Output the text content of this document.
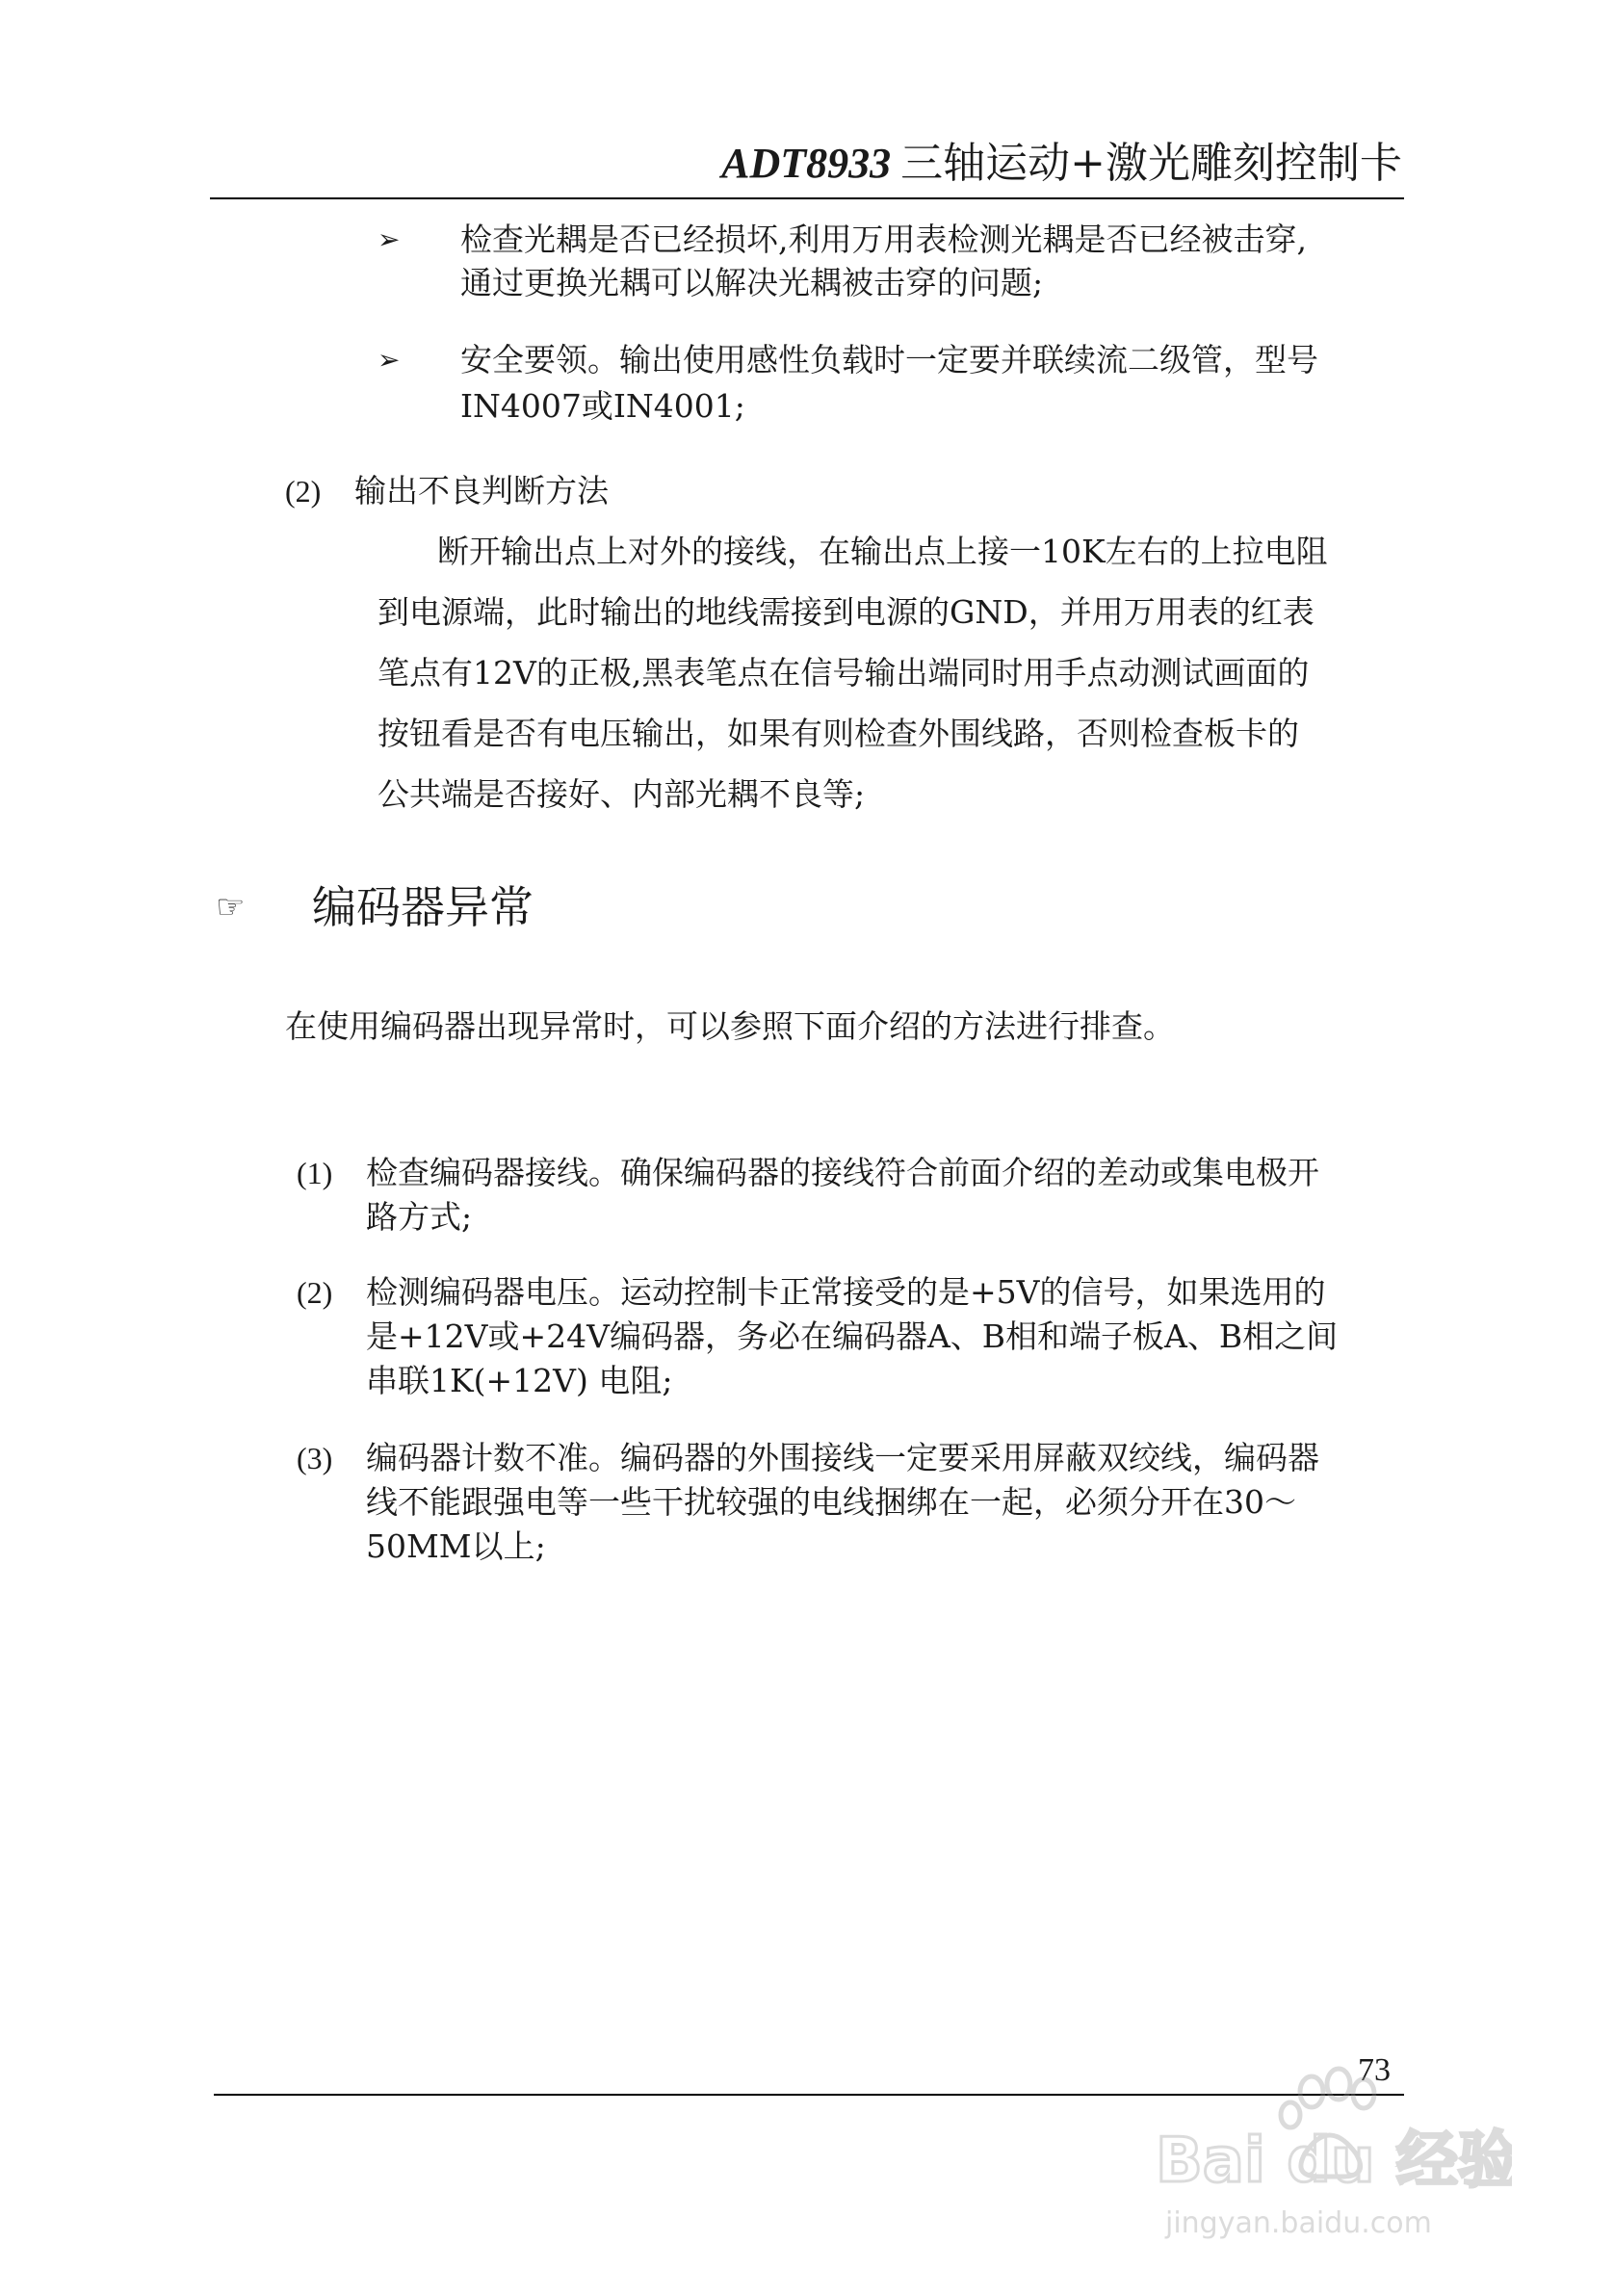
ADT8933 三轴运动+激光雕刻控制卡
➢ 检查光耦是否已经损坏,利用万用表检测光耦是否已经被击穿,
通过更换光耦可以解决光耦被击穿的问题;
➢ 安全要领。输出使用感性负载时一定要并联续流二级管，型号
IN4007或IN4001;
(2) 输出不良判断方法
断开输出点上对外的接线，在输出点上接一10K左右的上拉电阻
到电源端，此时输出的地线需接到电源的GND，并用万用表的红表
笔点有12V的正极,黑表笔点在信号输出端同时用手点动测试画面的
按钮看是否有电压输出，如果有则检查外围线路，否则检查板卡的
公共端是否接好、内部光耦不良等;
☞ 编码器异常
在使用编码器出现异常时，可以参照下面介绍的方法进行排查。
(1) 检查编码器接线。确保编码器的接线符合前面介绍的差动或集电极开
路方式;
(2) 检测编码器电压。运动控制卡正常接受的是+5V的信号，如果选用的
是+12V或+24V编码器，务必在编码器A、B相和端子板A、B相之间
串联1K(+12V) 电阻;
(3) 编码器计数不准。编码器的外围接线一定要采用屏蔽双绞线，编码器
线不能跟强电等一些干扰较强的电线捆绑在一起，必须分开在30～
50MM以上;
73
Bai du 经验
jingyan.baidu.com
